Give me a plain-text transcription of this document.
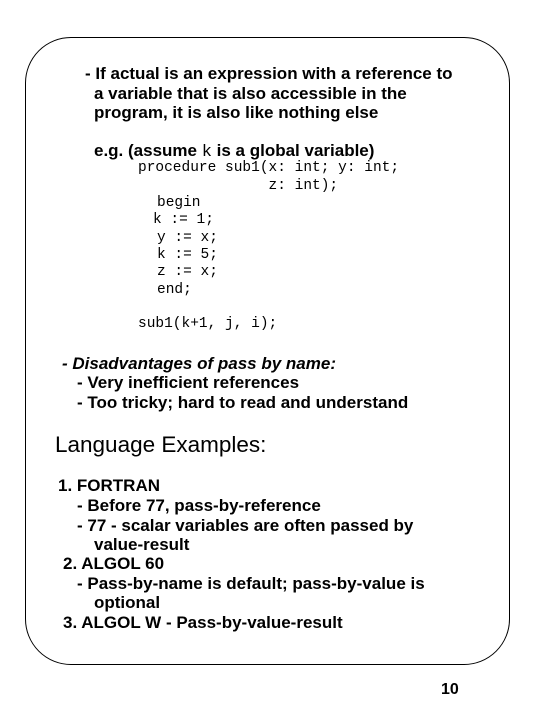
- If actual is an expression with a reference to
a variable that is also accessible in the
program, it is also like nothing else
e.g. (assume k is a global variable)
procedure sub1(x: int; y: int;
z: int);
begin
k := 1;
y := x;
k := 5;
z := x;
end;
sub1(k+1, j, i);
- Disadvantages of pass by name:
- Very inefficient references
- Too tricky; hard to read and understand
Language Examples:
1. FORTRAN
- Before 77, pass-by-reference
- 77 - scalar variables are often passed by
value-result
2. ALGOL 60
- Pass-by-name is default; pass-by-value is
optional
3. ALGOL W - Pass-by-value-result
10
